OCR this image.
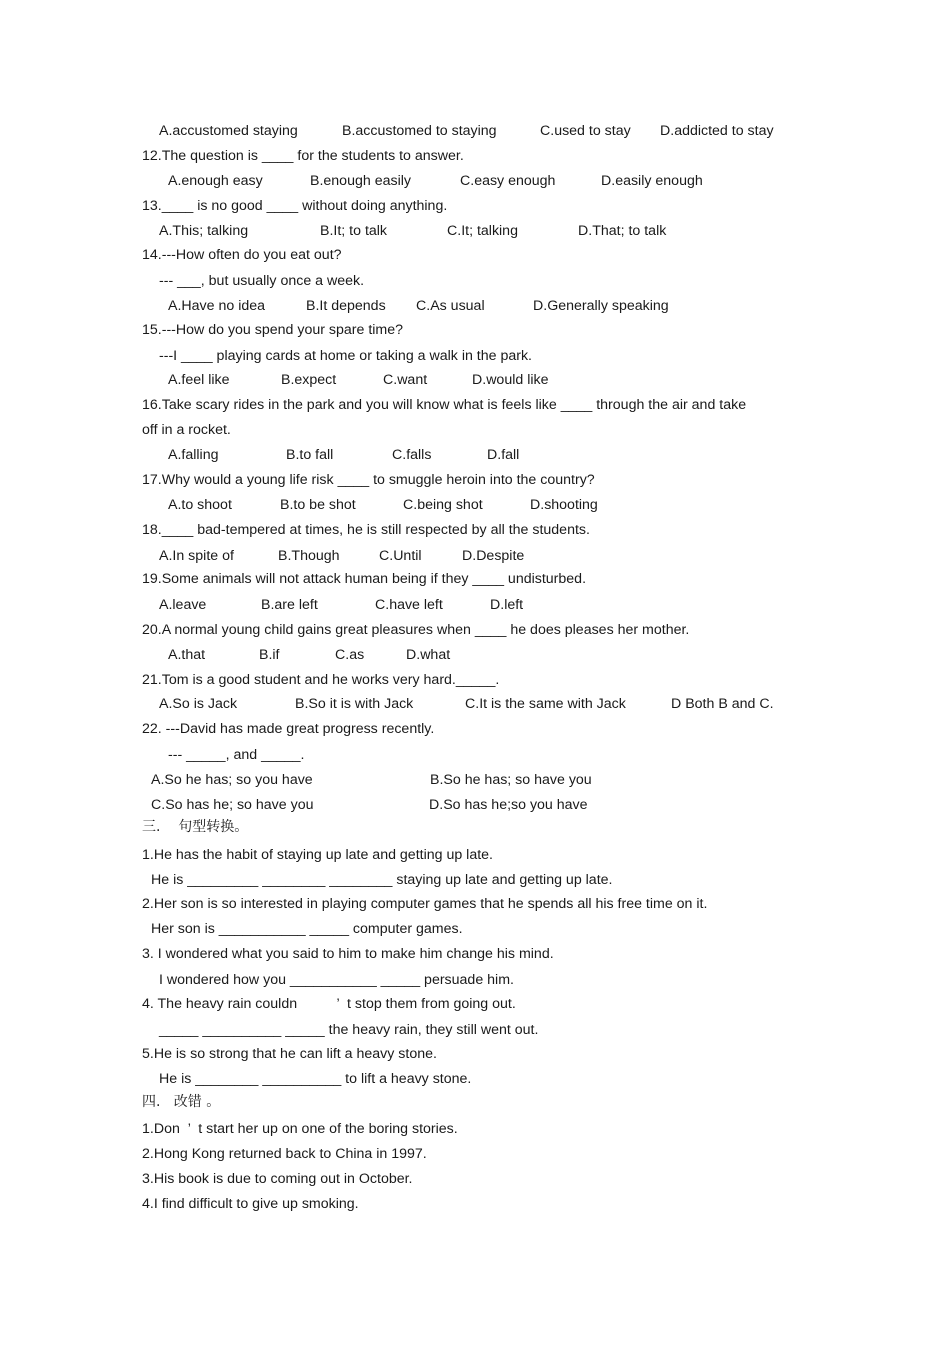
A.accustomed staying	B.accustomed to staying	C.used to stay D.addicted to stay
12.The question is ____ for the students to answer.
A.enough easy	B.enough easily	C.easy enough	D.easily enough
13.____ is no good ____ without doing anything.
A.This; talking	B.It; to talk	C.It; talking	D.That; to talk
14.---How often do you eat out?
--- ___, but usually once a week.
A.Have no idea	B.It depends C.As usual	D.Generally speaking
15.---How do you spend your spare time?
---I ____ playing cards at home or taking a walk in the park.
A.feel like	B.expect	C.want	D.would like
16.Take scary rides in the park and you will know what is feels like ____ through the air and take
off in a rocket.
A.falling	B.to fall	C.falls	D.fall
17.Why would a young life risk ____ to smuggle heroin into the country?
A.to shoot	B.to be shot	C.being shot	D.shooting
18.____ bad-tempered at times, he is still respected by all the students.
A.In spite of	B.Though	C.Until	D.Despite
19.Some animals will not attack human being if they ____ undisturbed.
A.leave	B.are left	C.have left	D.left
20.A normal young child gains great pleasures when ____ he does pleases her mother.
A.that	B.if	C.as	D.what
21.Tom is a good student and he works very hard._____.
A.So is Jack	B.So it is with Jack	C.It is the same with Jack	D Both B and C.
22. ---David has made great progress recently.
--- _____, and _____.
A.So he has; so you have	B.So he has; so have you
C.So has he; so have you	D.So has he;so you have
三.    句型转换。
1.He has the habit of staying up late and getting up late.
He is _________ ________ ________ staying up late and getting up late.
2.Her son is so interested in playing computer games that he spends all his free time on it.
Her son is ___________ _____ computer games.
3. I wondered what you said to him to make him change his mind.
I wondered how you ___________ _____ persuade him.
4. The heavy rain couldn          ’  t stop them from going out.
_____ __________ _____ the heavy rain, they still went out.
5.He is so strong that he can lift a heavy stone.
He is ________ __________ to lift a heavy stone.
四.   改错 。
1.Don  ’  t start her up on one of the boring stories.
2.Hong Kong returned back to China in 1997.
3.His book is due to coming out in October.
4.I find difficult to give up smoking.
